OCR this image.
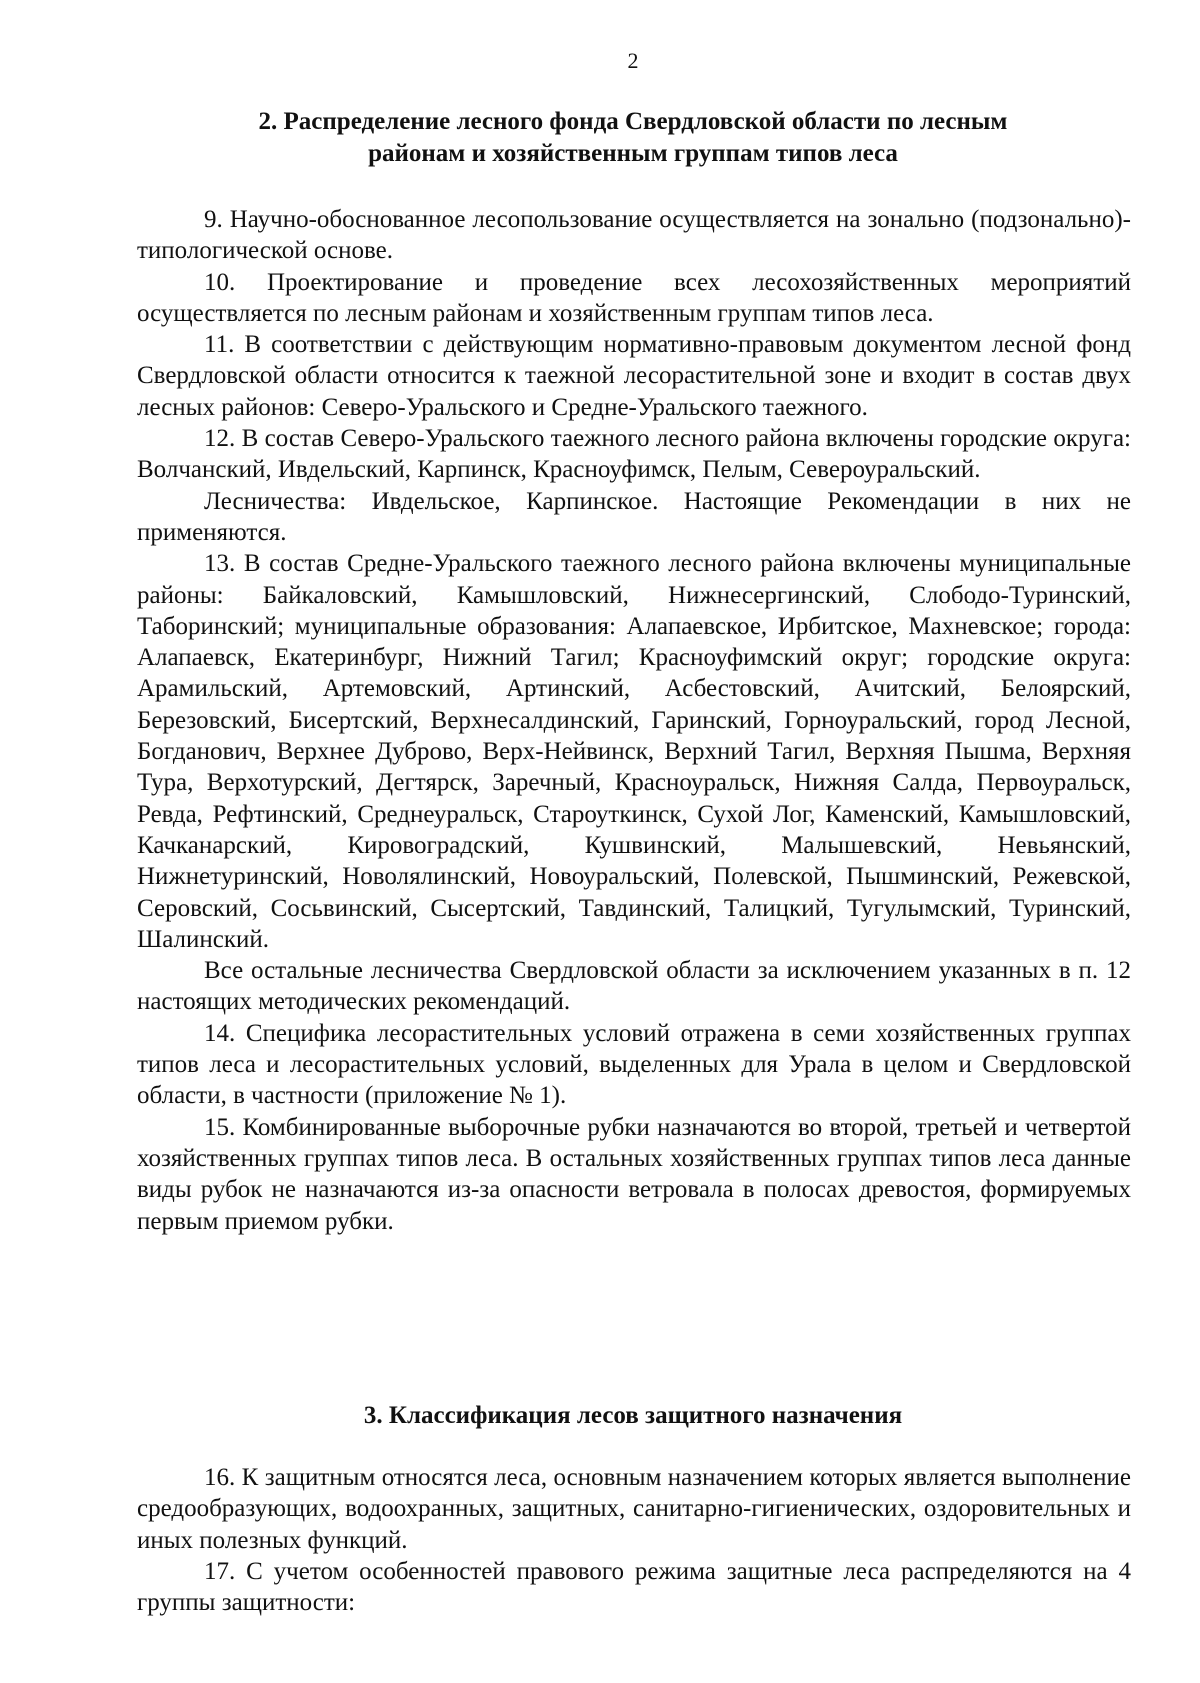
2
2. Распределение лесного фонда Свердловской области по лесным
районам и хозяйственным группам типов леса

9. Научно-обоснованное лесопользование осуществляется на зонально (подзонально)-типологической основе.

10. Проектирование и проведение всех лесохозяйственных мероприятий осуществляется по лесным районам и хозяйственным группам типов леса.

11. В соответствии с действующим нормативно-правовым документом лесной фонд Свердловской области относится к таежной лесорастительной зоне и входит в состав двух лесных районов: Северо-Уральского и Средне-Уральского таежного.

12. В состав Северо-Уральского таежного лесного района включены городские округа: Волчанский, Ивдельский, Карпинск, Красноуфимск, Пелым, Североуральский.

Лесничества: Ивдельское, Карпинское. Настоящие Рекомендации в них не применяются.

13. В состав Средне-Уральского таежного лесного района включены муниципальные районы: Байкаловский, Камышловский, Нижнесергинский, Слободо-Туринский, Таборинский; муниципальные образования: Алапаевское, Ирбитское, Махневское; города: Алапаевск, Екатеринбург, Нижний Тагил; Красноуфимский округ; городские округа: Арамильский, Артемовский, Артинский, Асбестовский, Ачитский, Белоярский, Березовский, Бисертский, Верхнесалдинский, Гаринский, Горноуральский, город Лесной, Богданович, Верхнее Дуброво, Верх-Нейвинск, Верхний Тагил, Верхняя Пышма, Верхняя Тура, Верхотурский, Дегтярск, Заречный, Красноуральск, Нижняя Салда, Первоуральск, Ревда, Рефтинский, Среднеуральск, Староуткинск, Сухой Лог, Каменский, Камышловский, Качканарский, Кировоградский, Кушвинский, Малышевский, Невьянский, Нижнетуринский, Новолялинский, Новоуральский, Полевской, Пышминский, Режевской, Серовский, Сосьвинский, Сысертский, Тавдинский, Талицкий, Тугулымский, Туринский, Шалинский.

Все остальные лесничества Свердловской области за исключением указанных в п. 12 настоящих методических рекомендаций.

14. Специфика лесорастительных условий отражена в семи хозяйственных группах типов леса и лесорастительных условий, выделенных для Урала в целом и Свердловской области, в частности (приложение № 1).

15. Комбинированные выборочные рубки назначаются во второй, третьей и четвертой хозяйственных группах типов леса. В остальных хозяйственных группах типов леса данные виды рубок не назначаются из-за опасности ветровала в полосах древостоя, формируемых первым приемом рубки.

3. Классификация лесов защитного назначения

16. К защитным относятся леса, основным назначением которых является выполнение средообразующих, водоохранных, защитных, санитарно-гигиенических, оздоровительных и иных полезных функций.

17. С учетом особенностей правового режима защитные леса распределяются на 4 группы защитности:
